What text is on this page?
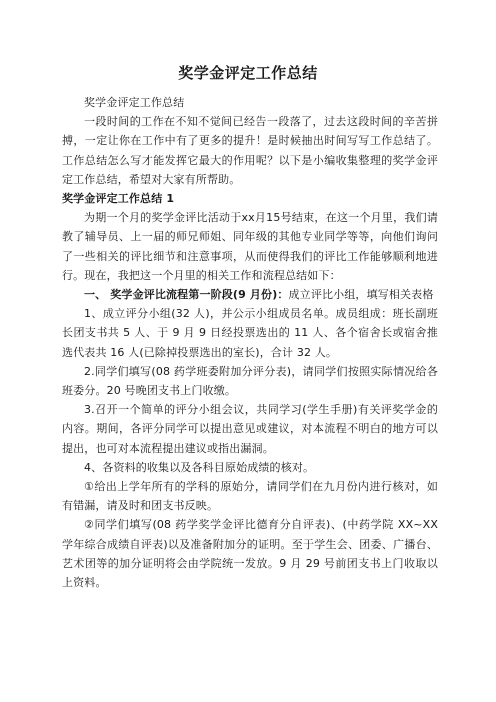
奖学金评定工作总结

奖学金评定工作总结

一段时间的工作在不知不觉间已经告一段落了，过去这段时间的辛苦拼搏，一定让你在工作中有了更多的提升！是时候抽出时间写写工作总结了。工作总结怎么写才能发挥它最大的作用呢？以下是小编收集整理的奖学金评定工作总结，希望对大家有所帮助。

奖学金评定工作总结 1

为期一个月的奖学金评比活动于xx月15号结束，在这一个月里，我们请教了辅导员、上一届的师兄师姐、同年级的其他专业同学等等，向他们询问了一些相关的评比细节和注意事项，从而使得我们的评比工作能够顺利地进行。现在，我把这一个月里的相关工作和流程总结如下：

一、 奖学金评比流程第一阶段(9 月份)：成立评比小组，填写相关表格

1、成立评分小组(32 人)，并公示小组成员名单。成员组成：班长副班长团支书共 5 人、于 9 月 9 日经投票选出的 11 人、各个宿舍长或宿舍推选代表共 16 人(已除掉投票选出的室长)，合计 32 人。

2.同学们填写(08 药学班委附加分评分表)，请同学们按照实际情况给各班委分。20 号晚团支书上门收缴。

3.召开一个简单的评分小组会议，共同学习(学生手册)有关评奖学金的内容。期间，各评分同学可以提出意见或建议，对本流程不明白的地方可以提出，也可对本流程提出建议或指出漏洞。

4、各资料的收集以及各科目原始成绩的核对。

①给出上学年所有的学科的原始分，请同学们在九月份内进行核对，如有错漏，请及时和团支书反映。

②同学们填写(08 药学奖学金评比德育分自评表)、(中药学院 XX~XX 学年综合成绩自评表)以及准备附加分的证明。至于学生会、团委、广播台、艺术团等的加分证明将会由学院统一发放。9 月 29 号前团支书上门收取以上资料。
